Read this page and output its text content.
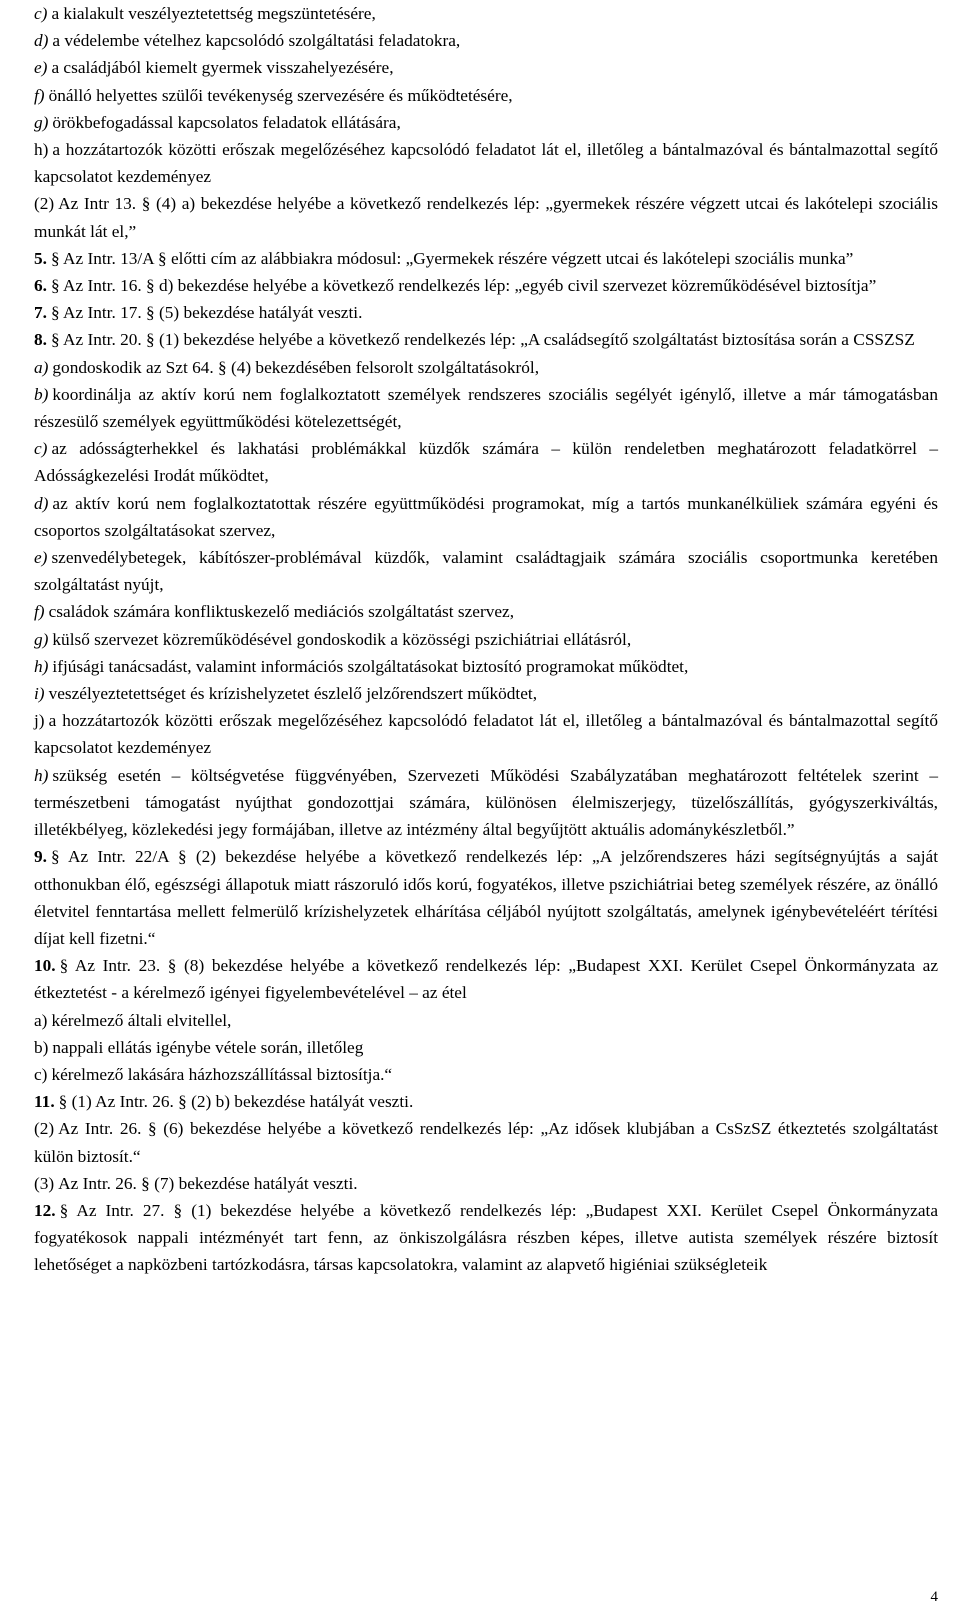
c) a kialakult veszélyeztetettség megszüntetésére,

d) a védelembe vételhez kapcsolódó szolgáltatási feladatokra,

e) a családjából kiemelt gyermek visszahelyezésére,

f) önálló helyettes szülői tevékenység szervezésére és működtetésére,

g) örökbefogadással kapcsolatos feladatok ellátására,

h) a hozzátartozók közötti erőszak megelőzéséhez kapcsolódó feladatot lát el, illetőleg a bántalmazóval és bántalmazottal segítő kapcsolatot kezdeményez

(2) Az Intr 13. § (4) a) bekezdése helyébe a következő rendelkezés lép: „gyermekek részére végzett utcai és lakótelepi szociális munkát lát el,”

5. § Az Intr. 13/A § előtti cím az alábbiakra módosul: „Gyermekek részére végzett utcai és lakótelepi szociális munka”

6. § Az Intr. 16. § d) bekezdése helyébe a következő rendelkezés lép: „egyéb civil szervezet közreműködésével biztosítja”

7. § Az Intr. 17. § (5) bekezdése hatályát veszti.

8. § Az Intr. 20. § (1) bekezdése helyébe a következő rendelkezés lép: „A családsegítő szolgáltatást biztosítása során a CSSZSZ

a) gondoskodik az Szt 64. § (4) bekezdésében felsorolt szolgáltatásokról,

b) koordinálja az aktív korú nem foglalkoztatott személyek rendszeres szociális segélyét igénylő, illetve a már támogatásban részesülő személyek együttműködési kötelezettségét,

c) az adósságterhekkel és lakhatási problémákkal küzdők számára – külön rendeletben meghatározott feladatkörrel – Adósságkezelési Irodát működtet,

d) az aktív korú nem foglalkoztatottak részére együttműködési programokat, míg a tartós munkanélküliek számára egyéni és csoportos szolgáltatásokat szervez,

e) szenvedélybetegek, kábítószer-problémával küzdők, valamint családtagjaik számára szociális csoportmunka keretében szolgáltatást nyújt,

f) családok számára konfliktuskezelő mediációs szolgáltatást szervez,

g) külső szervezet közreműködésével gondoskodik a közösségi pszichiátriai ellátásról,

h) ifjúsági tanácsadást, valamint információs szolgáltatásokat biztosító programokat működtet,

i) veszélyeztetettséget és krízishelyzetet észlelő jelzőrendszert működtet,

j) a hozzátartozók közötti erőszak megelőzéséhez kapcsolódó feladatot lát el, illetőleg a bántalmazóval és bántalmazottal segítő kapcsolatot kezdeményez

h) szükség esetén – költségvetése függvényében, Szervezeti Működési Szabályzatában meghatározott feltételek szerint – természetbeni támogatást nyújthat gondozottjai számára, különösen élelmiszerjegy, tüzelőszállítás, gyógyszerkiváltás, illetékbélyeg, közlekedési jegy formájában, illetve az intézmény által begyűjtött aktuális adománykészletből.”

9. § Az Intr. 22/A § (2) bekezdése helyébe a következő rendelkezés lép: „A jelzőrendszeres házi segítségnyújtás a saját otthonukban élő, egészségi állapotuk miatt rászoruló idős korú, fogyatékos, illetve pszichiátriai beteg személyek részére, az önálló életvitel fenntartása mellett felmerülő krízishelyzetek elhárítása céljából nyújtott szolgáltatás, amelynek igénybevételéért térítési díjat kell fizetni.“

10. § Az Intr. 23. § (8) bekezdése helyébe a következő rendelkezés lép: „Budapest XXI. Kerület Csepel Önkormányzata az étkeztetést - a kérelmező igényei figyelembevételével – az étel

a) kérelmező általi elvitellel,

b) nappali ellátás igénybe vétele során, illetőleg

c) kérelmező lakására házhozszállítással biztosítja.“

11. § (1) Az Intr. 26. § (2) b) bekezdése hatályát veszti.

(2) Az Intr. 26. § (6) bekezdése helyébe a következő rendelkezés lép: „Az idősek klubjában a CsSzSZ étkeztetés szolgáltatást külön biztosít.“

(3) Az Intr. 26. § (7) bekezdése hatályát veszti.

12. § Az Intr. 27. § (1) bekezdése helyébe a következő rendelkezés lép: „Budapest XXI. Kerület Csepel Önkormányzata fogyatékosok nappali intézményét tart fenn, az önkiszolgálásra részben képes, illetve autista személyek részére biztosít lehetőséget a napközbeni tartózkodásra, társas kapcsolatokra, valamint az alapvető higiéniai szükségleteik

4
